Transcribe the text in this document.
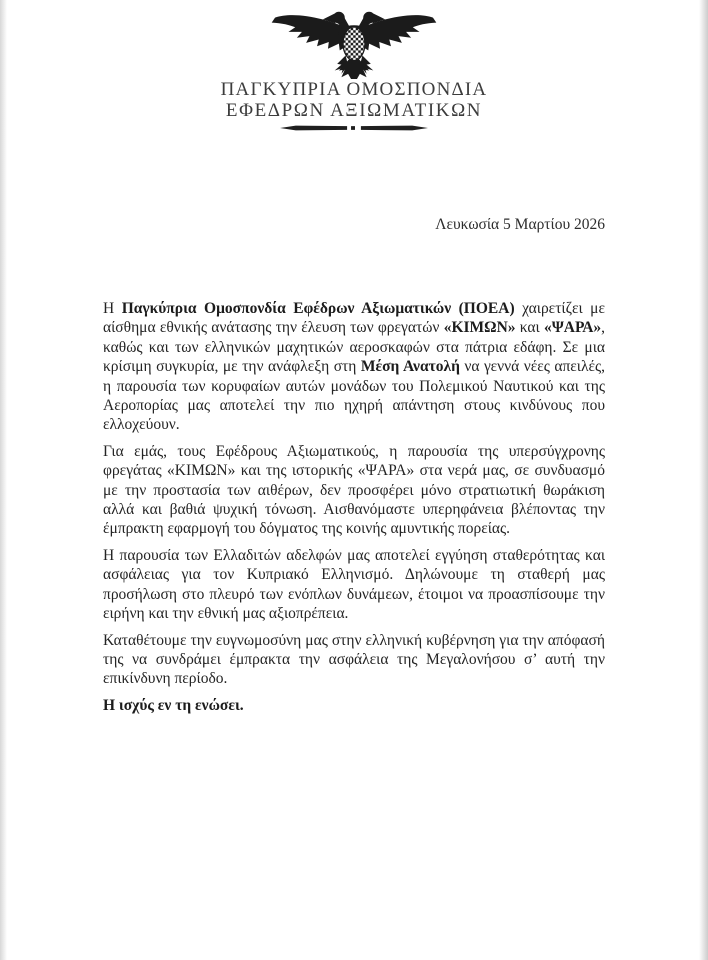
ΠΑΓΚΥΠΡΙΑ ΟΜΟΣΠΟΝΔΙΑ
ΕΦΕΔΡΩΝ ΑΞΙΩΜΑΤΙΚΩΝ
Λευκωσία 5 Μαρτίου 2026

Η Παγκύπρια Ομοσπονδία Εφέδρων Αξιωματικών (ΠΟΕΑ) χαιρετίζει με αίσθημα εθνικής ανάτασης την έλευση των φρεγατών «ΚΙΜΩΝ» και «ΨΑΡΑ», καθώς και των ελληνικών μαχητικών αεροσκαφών στα πάτρια εδάφη. Σε μια κρίσιμη συγκυρία, με την ανάφλεξη στη Μέση Ανατολή να γεννά νέες απειλές, η παρουσία των κορυφαίων αυτών μονάδων του Πολεμικού Ναυτικού και της Αεροπορίας μας αποτελεί την πιο ηχηρή απάντηση στους κινδύνους που ελλοχεύουν.

Για εμάς, τους Εφέδρους Αξιωματικούς, η παρουσία της υπερσύγχρονης φρεγάτας «ΚΙΜΩΝ» και της ιστορικής «ΨΑΡΑ» στα νερά μας, σε συνδυασμό με την προστασία των αιθέρων, δεν προσφέρει μόνο στρατιωτική θωράκιση αλλά και βαθιά ψυχική τόνωση. Αισθανόμαστε υπερηφάνεια βλέποντας την έμπρακτη εφαρμογή του δόγματος της κοινής αμυντικής πορείας.

Η παρουσία των Ελλαδιτών αδελφών μας αποτελεί εγγύηση σταθερότητας και ασφάλειας για τον Κυπριακό Ελληνισμό. Δηλώνουμε τη σταθερή μας προσήλωση στο πλευρό των ενόπλων δυνάμεων, έτοιμοι να προασπίσουμε την ειρήνη και την εθνική μας αξιοπρέπεια.

Καταθέτουμε την ευγνωμοσύνη μας στην ελληνική κυβέρνηση για την απόφασή της να συνδράμει έμπρακτα την ασφάλεια της Μεγαλονήσου σ’ αυτή την επικίνδυνη περίοδο.

Η ισχύς εν τη ενώσει.
